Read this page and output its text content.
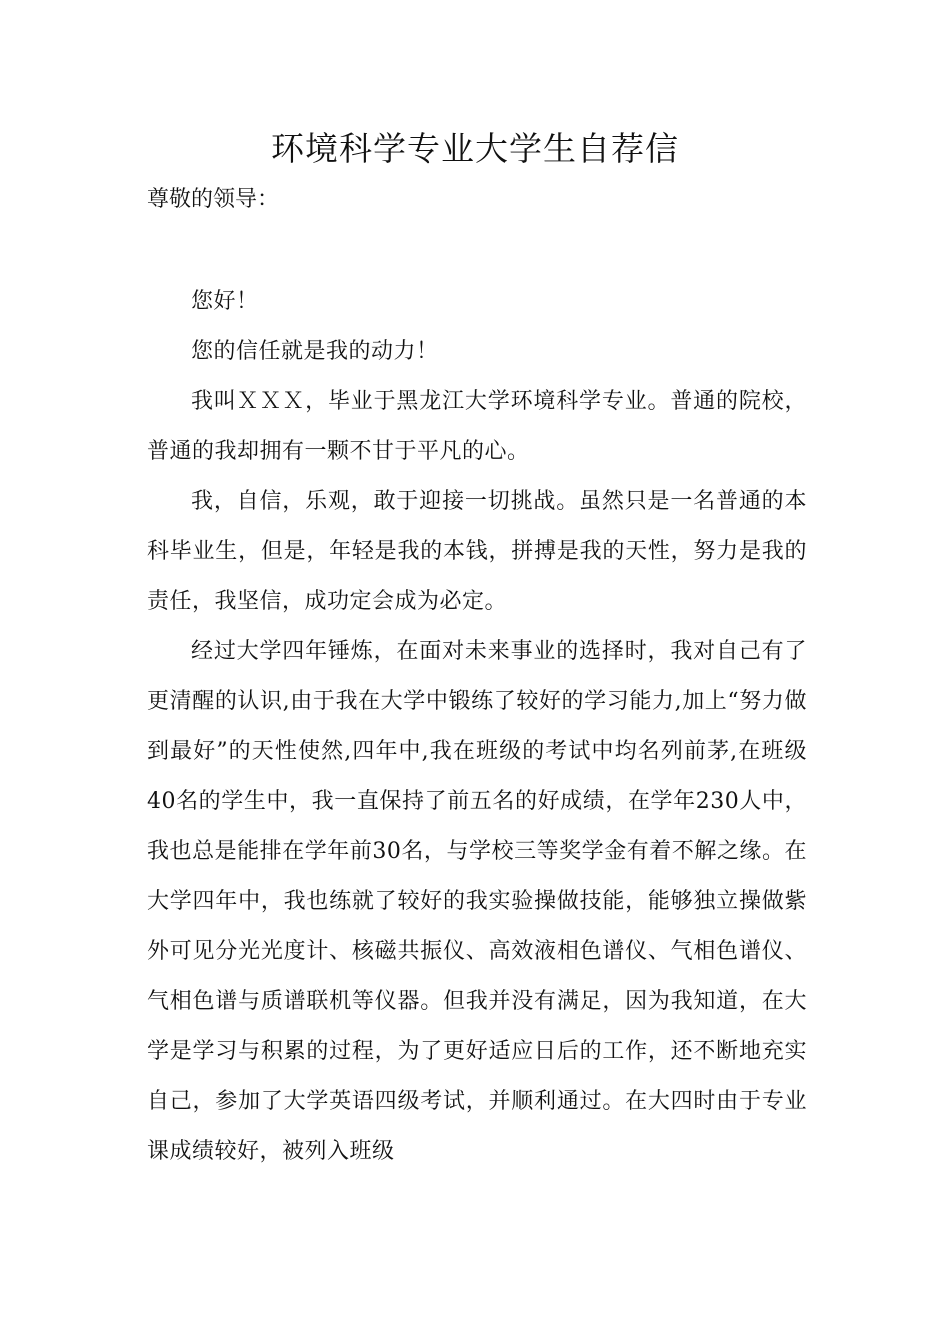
环境科学专业大学生自荐信

尊敬的领导：

您好！

您的信任就是我的动力！

我叫ＸＸＸ，毕业于黑龙江大学环境科学专业。普通的院校，普通的我却拥有一颗不甘于平凡的心。

我，自信，乐观，敢于迎接一切挑战。虽然只是一名普通的本科毕业生，但是，年轻是我的本钱，拼搏是我的天性，努力是我的责任，我坚信，成功定会成为必定。

经过大学四年锤炼，在面对未来事业的选择时，我对自己有了更清醒的认识,由于我在大学中锻练了较好的学习能力,加上“努力做到最好”的天性使然,四年中,我在班级的考试中均名列前茅,在班级40名的学生中，我一直保持了前五名的好成绩，在学年230人中，我也总是能排在学年前30名，与学校三等奖学金有着不解之缘。在大学四年中，我也练就了较好的我实验操做技能，能够独立操做紫外可见分光光度计、核磁共振仪、高效液相色谱仪、气相色谱仪、气相色谱与质谱联机等仪器。但我并没有满足，因为我知道，在大学是学习与积累的过程，为了更好适应日后的工作，还不断地充实自己，参加了大学英语四级考试，并顺利通过。在大四时由于专业课成绩较好，被列入班级
